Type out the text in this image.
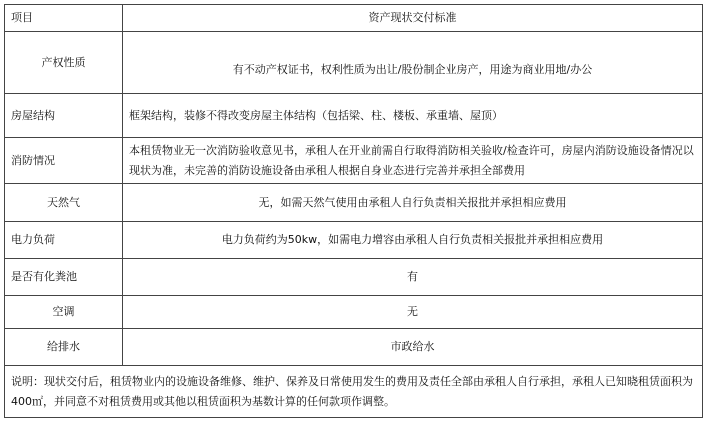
项目	资产现状交付标准
产权性质	有不动产权证书，权利性质为出让/股份制企业房产，用途为商业用地/办公
房屋结构	框架结构，装修不得改变房屋主体结构（包括梁、柱、楼板、承重墙、屋顶）
消防情况	本租赁物业无一次消防验收意见书，承租人在开业前需自行取得消防相关验收/检查许可，房屋内消防设施设备情况以现状为准，未完善的消防设施设备由承租人根据自身业态进行完善并承担全部费用
天然气	无，如需天然气使用由承租人自行负责相关报批并承担相应费用
电力负荷	电力负荷约为50kw，如需电力增容由承租人自行负责相关报批并承担相应费用
是否有化粪池	有
空调	无
给排水	市政给水
说明：现状交付后，租赁物业内的设施设备维修、维护、保养及日常使用发生的费用及责任全部由承租人自行承担，承租人已知晓租赁面积为400㎡，并同意不对租赁费用或其他以租赁面积为基数计算的任何款项作调整。	
